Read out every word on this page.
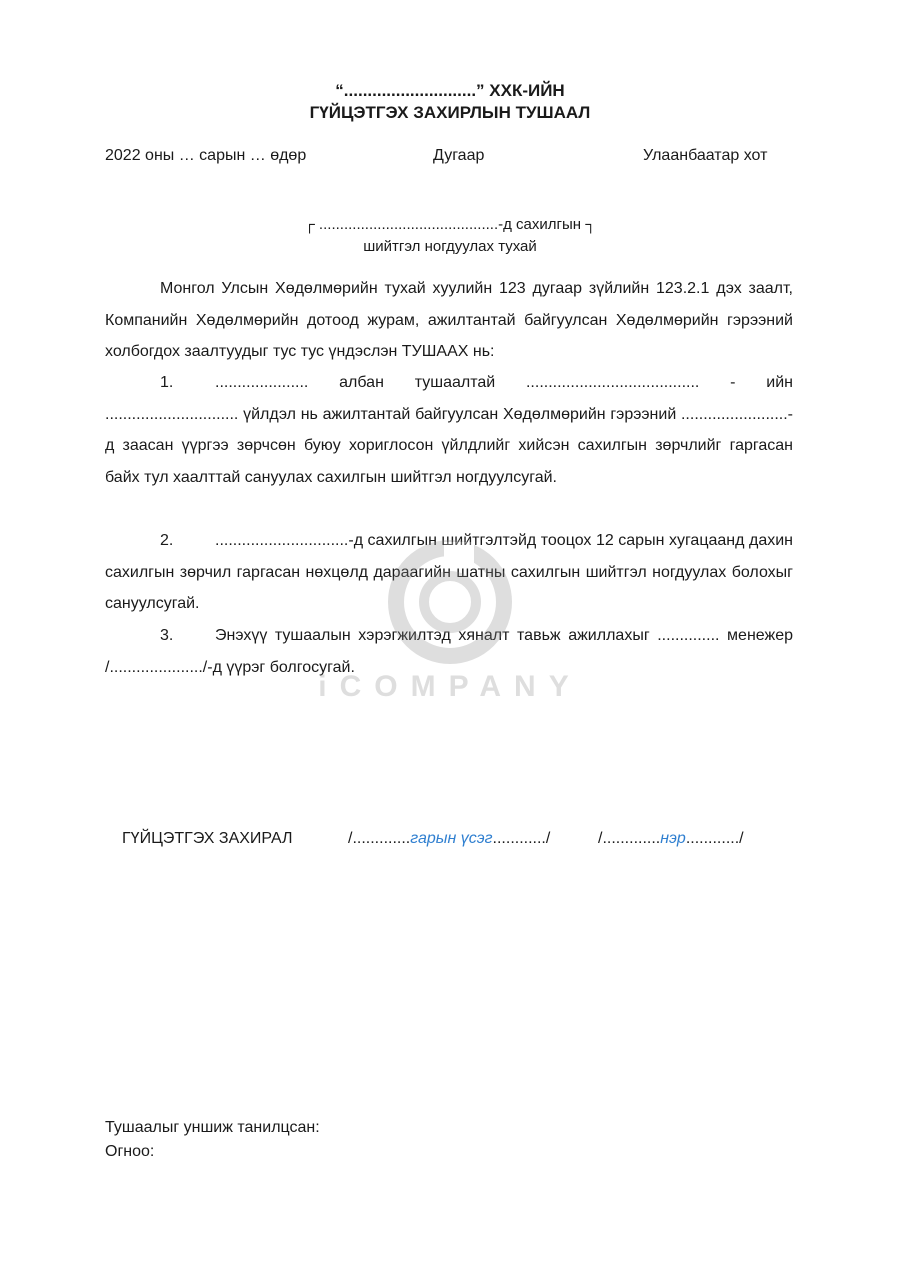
“............................” ХХК-ИЙН
ГҮЙЦЭТГЭХ ЗАХИРЛЫН ТУШААЛ
2022 оны … сарын … өдөр	Дугаар	Улаанбаатар хот
┌ ...........................................-д сахилгын ┐
шийтгэл ногдуулах тухай
Монгол Улсын Хөдөлмөрийн тухай хуулийн 123 дугаар зүйлийн 123.2.1 дэх заалт, Компанийн Хөдөлмөрийн дотоод журам, ажилтантай байгуулсан Хөдөлмөрийн гэрээний холбогдох заалтуудыг тус тус үндэслэн ТУШААХ нь:
1.	..................... албан тушаалтай ....................................... - ийн .............................. үйлдэл нь ажилтантай байгуулсан Хөдөлмөрийн гэрээний ........................-д заасан үүргээ зөрчсөн буюу хориглосон үйлдлийг хийсэн сахилгын зөрчлийг гаргасан байх тул хаалттай сануулах сахилгын шийтгэл ногдуулсугай.
2.	..............................-д сахилгын шийтгэлтэйд тооцох 12 сарын хугацаанд дахин сахилгын зөрчил гаргасан нөхцөлд дараагийн шатны сахилгын шийтгэл ногдуулах болохыг сануулсугай.
3.	Энэхүү тушаалын хэрэгжилтэд хяналт тавьж ажиллахыг .............. менежер /...................../-д үүрэг болгосугай.
iCOMPANY
ГҮЙЦЭТГЭХ ЗАХИРАЛ	/.............гарын үсэг............/	/.............нэр............/
Тушаалыг уншиж танилцсан:
Огноо:
